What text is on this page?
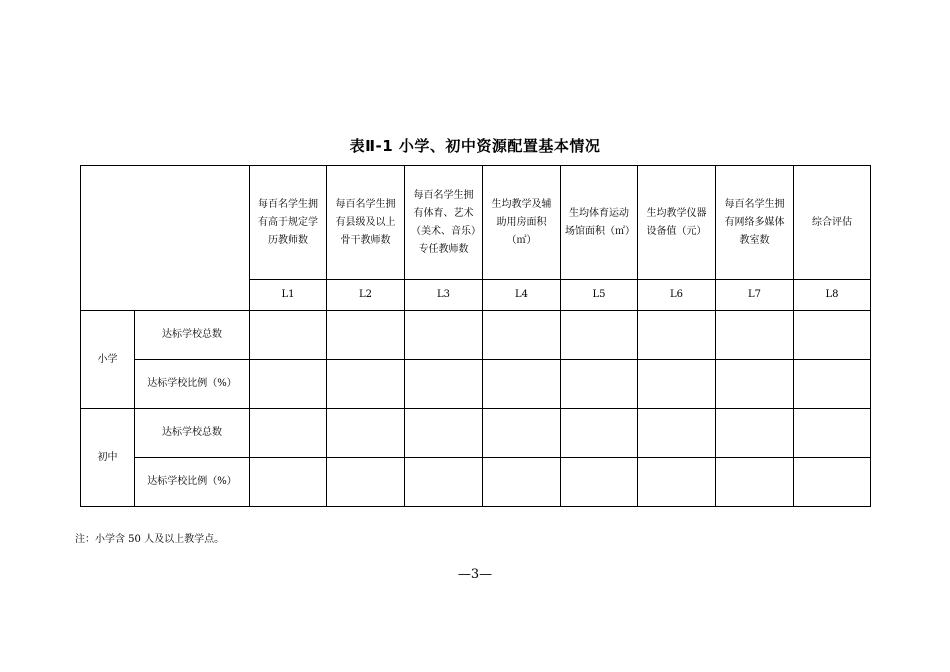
表Ⅱ-1 小学、初中资源配置基本情况
		每百名学生拥有高于规定学历教师数	每百名学生拥有县级及以上骨干教师数	每百名学生拥有体育、艺术（美术、音乐）专任教师数	生均教学及辅助用房面积（㎡）	生均体育运动场馆面积（㎡）	生均教学仪器设备值（元）	每百名学生拥有网络多媒体教室数	综合评估
		L1	L2	L3	L4	L5	L6	L7	L8
小学	达标学校总数								
	达标学校比例（%）								
初中	达标学校总数								
	达标学校比例（%）								
注：小学含 50 人及以上教学点。
—3—
